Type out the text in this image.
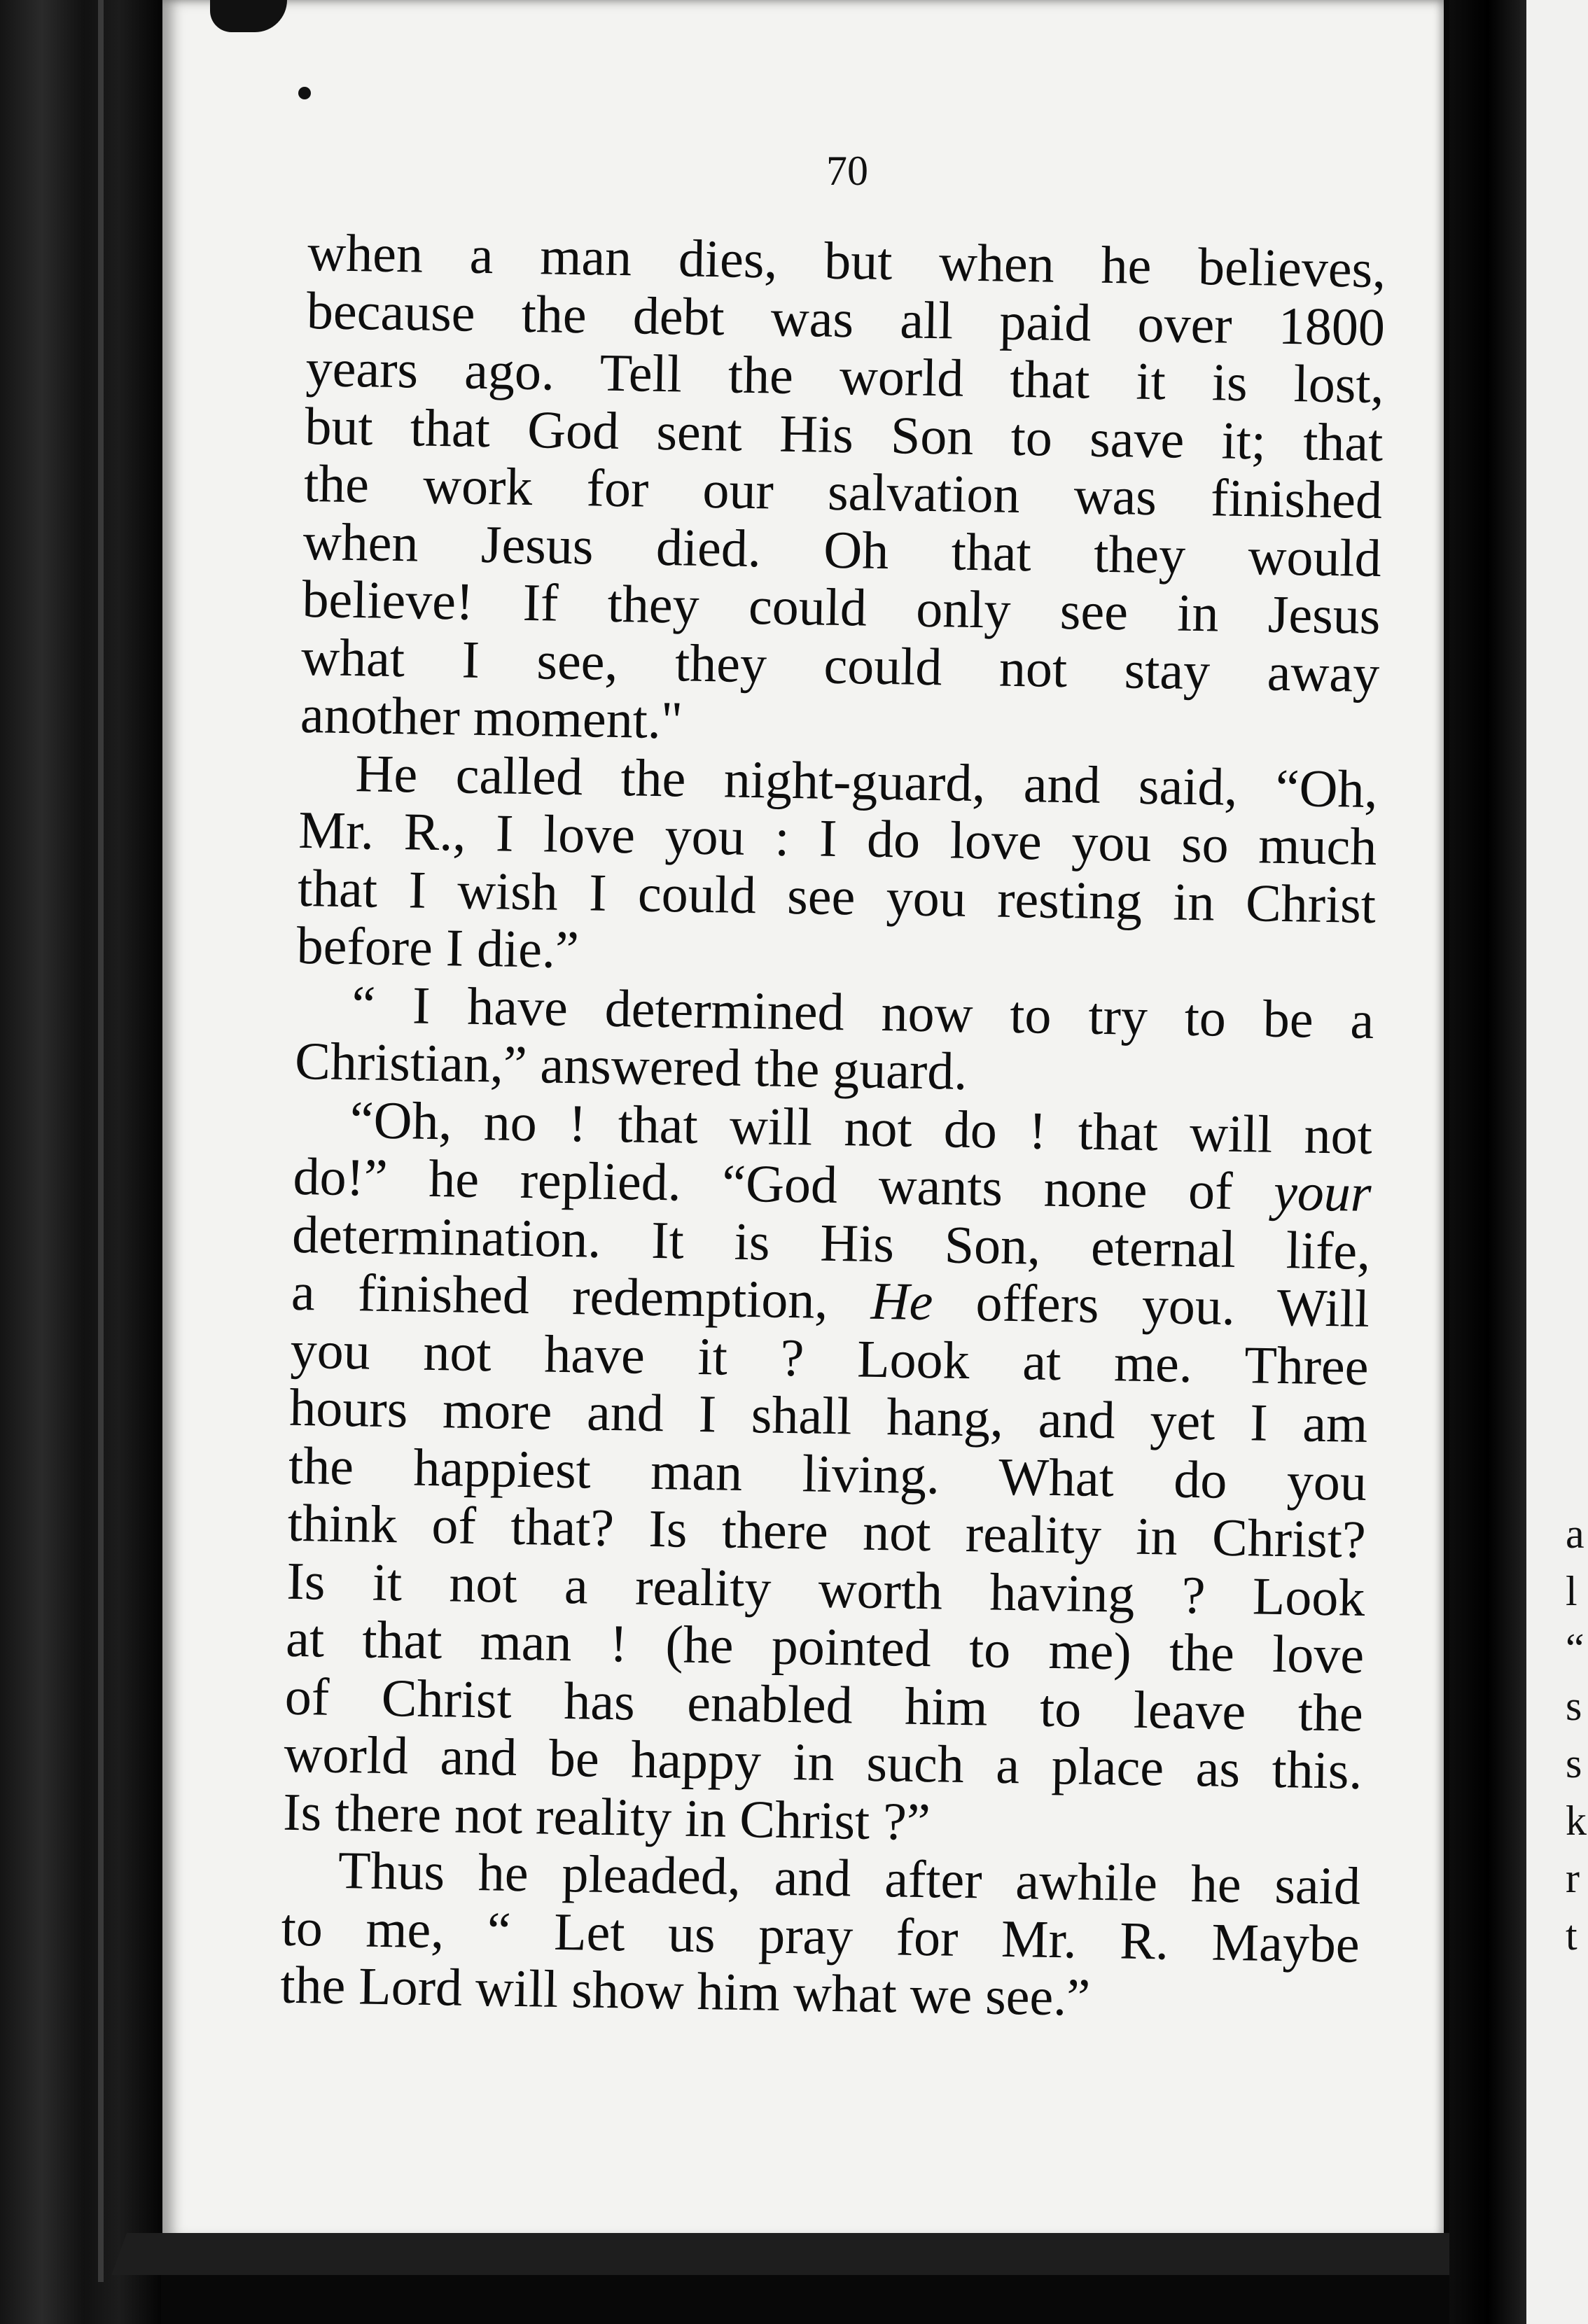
a
l
“
s
s
k
r
t
70
when a man dies, but when he believes,
because the debt was all paid over 1800
years ago. Tell the world that it is lost,
but that God sent His Son to save it; that
the work for our salvation was finished
when Jesus died. Oh that they would
believe! If they could only see in Jesus
what I see, they could not stay away
another moment."
He called the night-guard, and said, “Oh,
Mr. R., I love you : I do love you so much
that I wish I could see you resting in Christ
before I die.”
“ I have determined now to try to be a
Christian,” answered the guard.
“Oh, no ! that will not do ! that will not
do!” he replied. “God wants none of your
determination. It is His Son, eternal life,
a finished redemption, He offers you. Will
you not have it ? Look at me. Three
hours more and I shall hang, and yet I am
the happiest man living. What do you
think of that? Is there not reality in Christ?
Is it not a reality worth having ? Look
at that man ! (he pointed to me) the love
of Christ has enabled him to leave the
world and be happy in such a place as this.
Is there not reality in Christ ?”
Thus he pleaded, and after awhile he said
to me, “ Let us pray for Mr. R. Maybe
the Lord will show him what we see.”
